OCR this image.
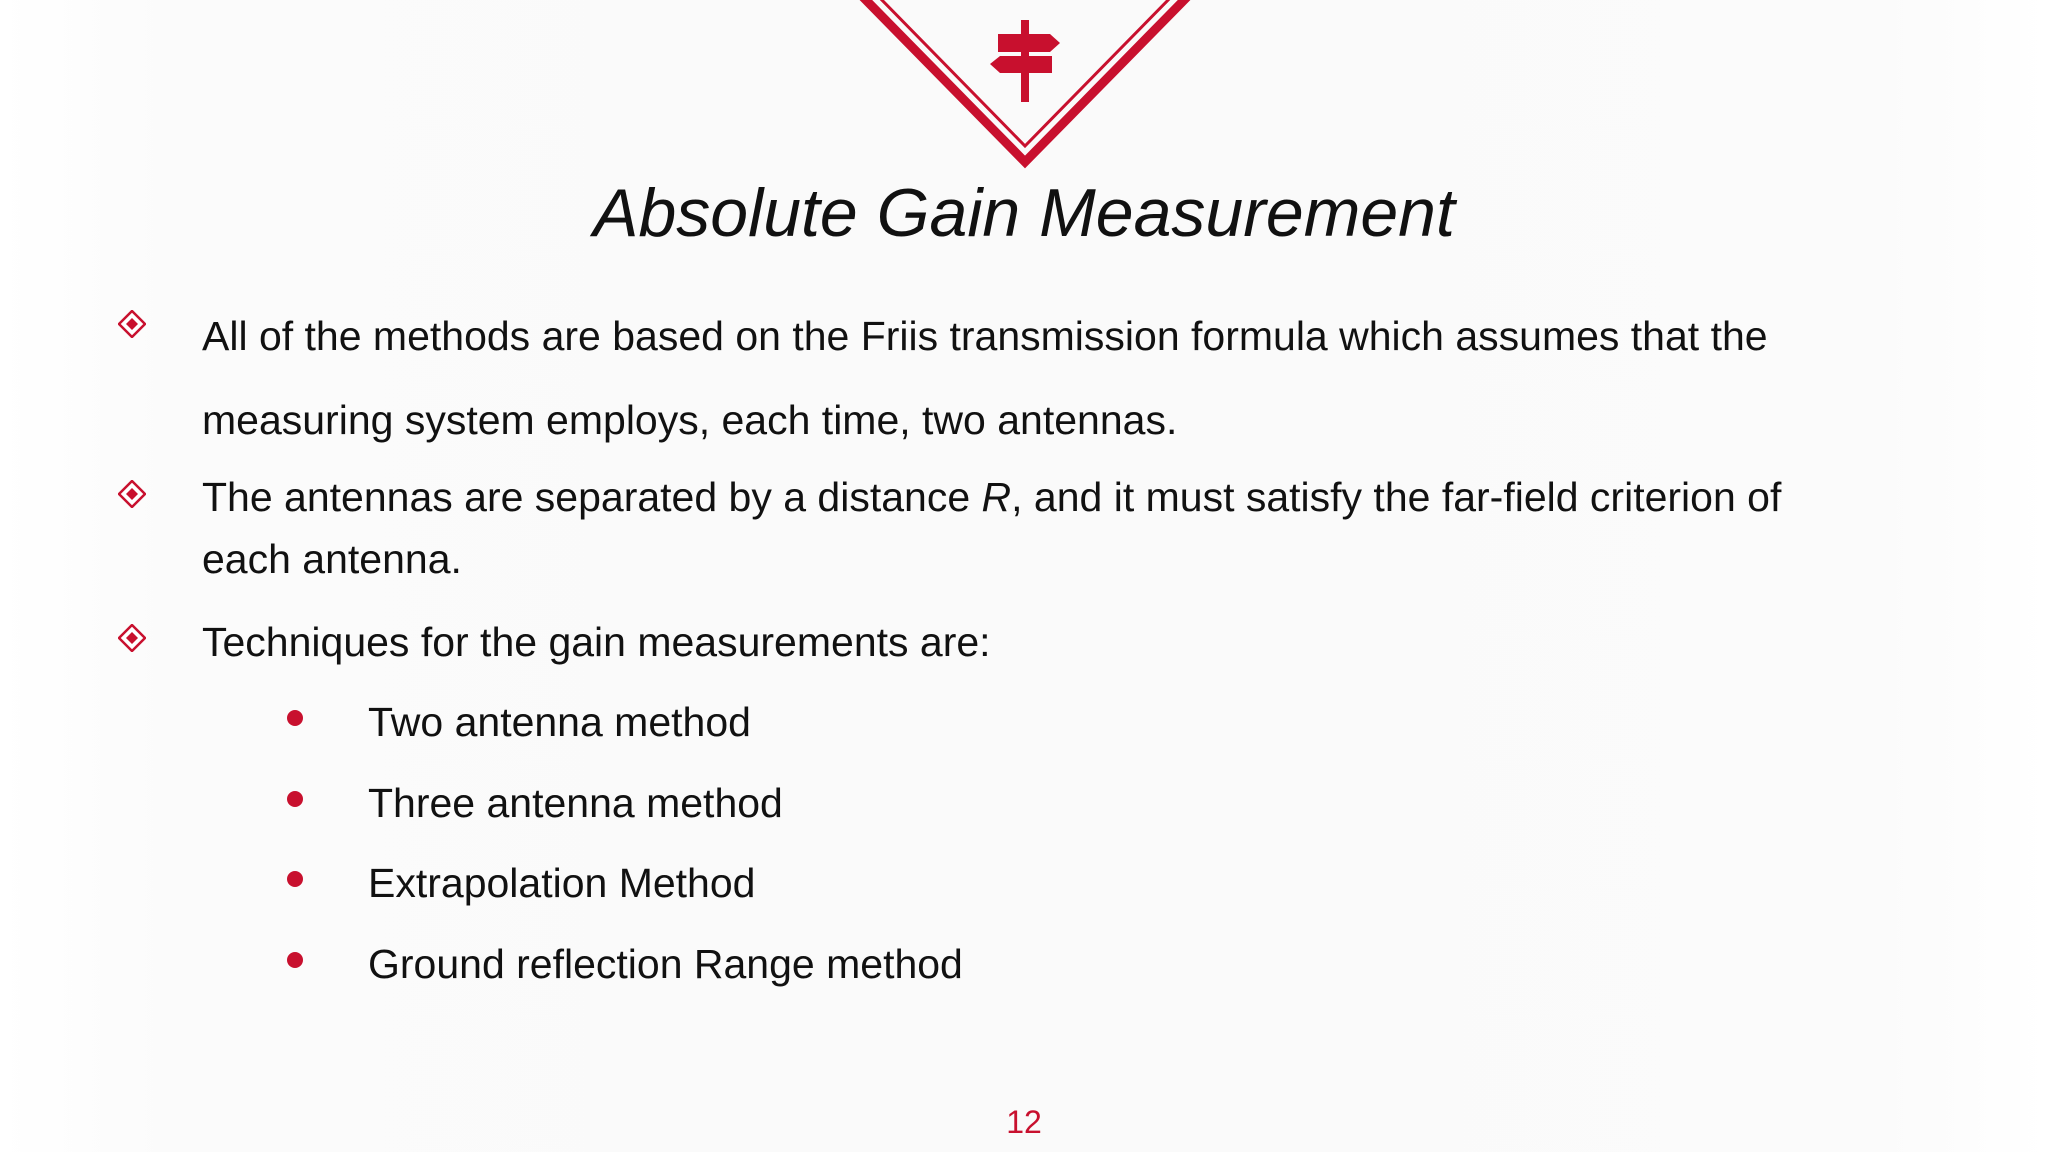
Absolute Gain Measurement
All of the methods are based on the Friis transmission formula which assumes that the
measuring system employs, each time, two antennas.
The antennas are separated by a distance R, and it must satisfy the far-field criterion of
each antenna.
Techniques for the gain measurements are:
Two antenna method
Three antenna method
Extrapolation Method
Ground reflection Range method
12
